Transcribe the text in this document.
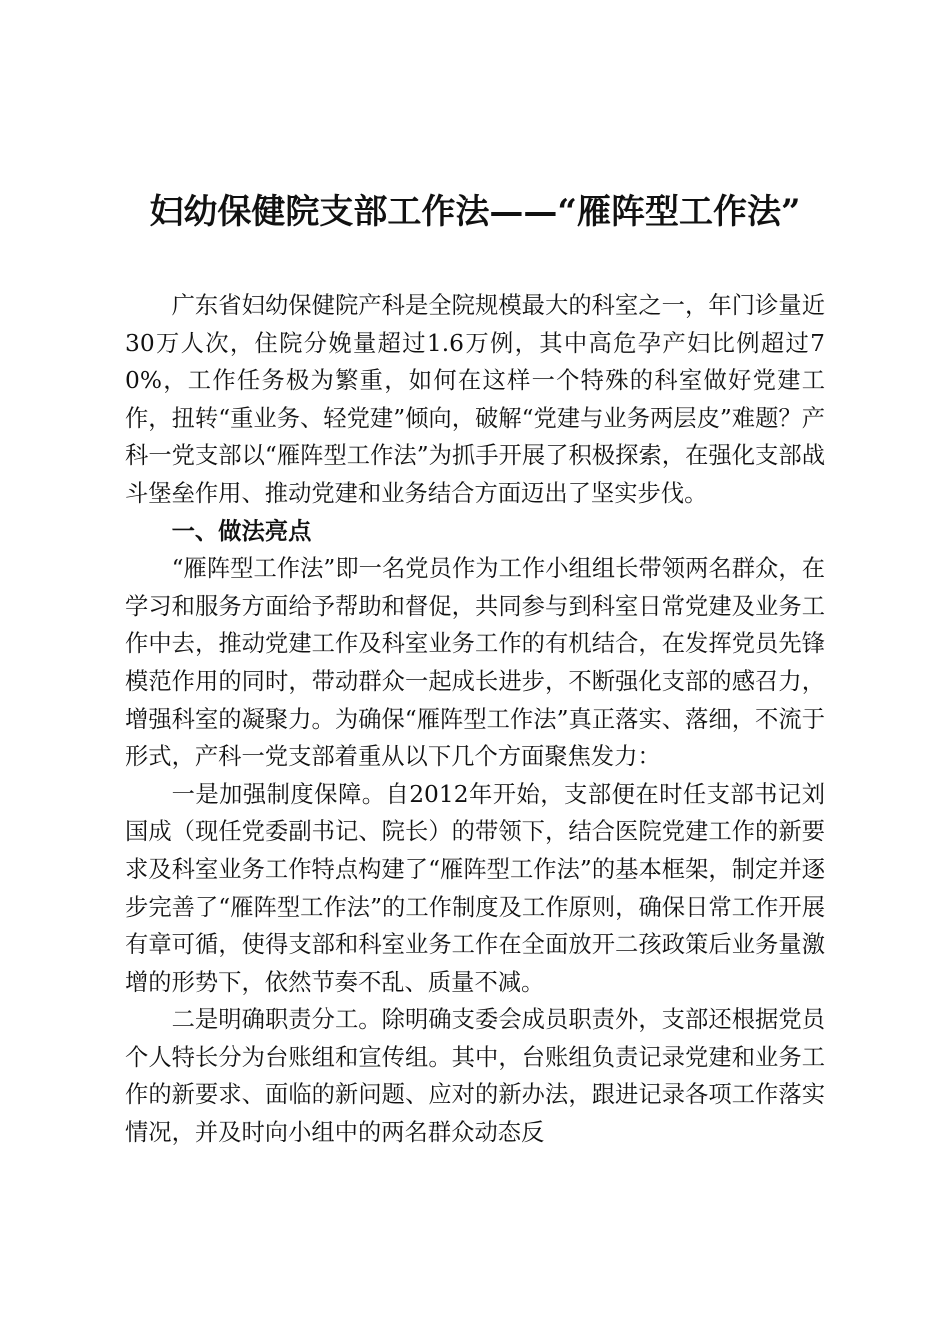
妇幼保健院支部工作法——“雁阵型工作法”

广东省妇幼保健院产科是全院规模最大的科室之一，年门诊量近30万人次，住院分娩量超过1.6万例，其中高危孕产妇比例超过70%，工作任务极为繁重，如何在这样一个特殊的科室做好党建工作，扭转“重业务、轻党建”倾向，破解“党建与业务两层皮”难题？产科一党支部以“雁阵型工作法”为抓手开展了积极探索，在强化支部战斗堡垒作用、推动党建和业务结合方面迈出了坚实步伐。

一、做法亮点

“雁阵型工作法”即一名党员作为工作小组组长带领两名群众，在学习和服务方面给予帮助和督促，共同参与到科室日常党建及业务工作中去，推动党建工作及科室业务工作的有机结合，在发挥党员先锋模范作用的同时，带动群众一起成长进步，不断强化支部的感召力，增强科室的凝聚力。为确保“雁阵型工作法”真正落实、落细，不流于形式，产科一党支部着重从以下几个方面聚焦发力：

一是加强制度保障。自2012年开始，支部便在时任支部书记刘国成（现任党委副书记、院长）的带领下，结合医院党建工作的新要求及科室业务工作特点构建了“雁阵型工作法”的基本框架，制定并逐步完善了“雁阵型工作法”的工作制度及工作原则，确保日常工作开展有章可循，使得支部和科室业务工作在全面放开二孩政策后业务量激增的形势下，依然节奏不乱、质量不减。

二是明确职责分工。除明确支委会成员职责外，支部还根据党员个人特长分为台账组和宣传组。其中，台账组负责记录党建和业务工作的新要求、面临的新问题、应对的新办法，跟进记录各项工作落实情况，并及时向小组中的两名群众动态反
